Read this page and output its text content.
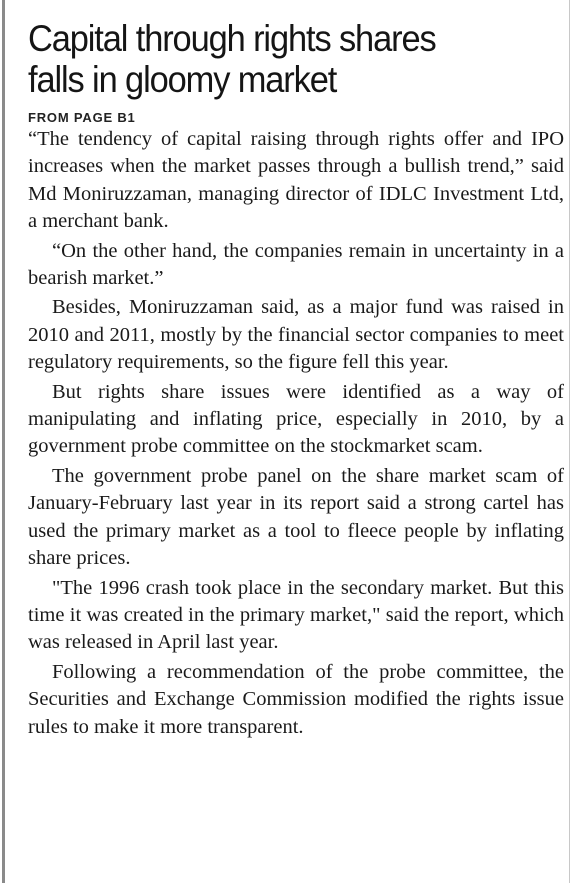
Capital through rights shares
falls in gloomy market
FROM PAGE B1

“The tendency of capital raising through rights offer and IPO increases when the market passes through a bullish trend,” said Md Moniruzzaman, managing director of IDLC Investment Ltd, a merchant bank.

“On the other hand, the companies remain in uncertainty in a bearish market.”

Besides, Moniruzzaman said, as a major fund was raised in 2010 and 2011, mostly by the financial sector companies to meet regulatory requirements, so the figure fell this year.

But rights share issues were identified as a way of manipulating and inflating price, especially in 2010, by a government probe committee on the stockmarket scam.

The government probe panel on the share market scam of January-February last year in its report said a strong cartel has used the primary market as a tool to fleece people by inflating share prices.

"The 1996 crash took place in the secondary market. But this time it was created in the primary market," said the report, which was released in April last year.

Following a recommendation of the probe committee, the Securities and Exchange Commission modified the rights issue rules to make it more transparent.
